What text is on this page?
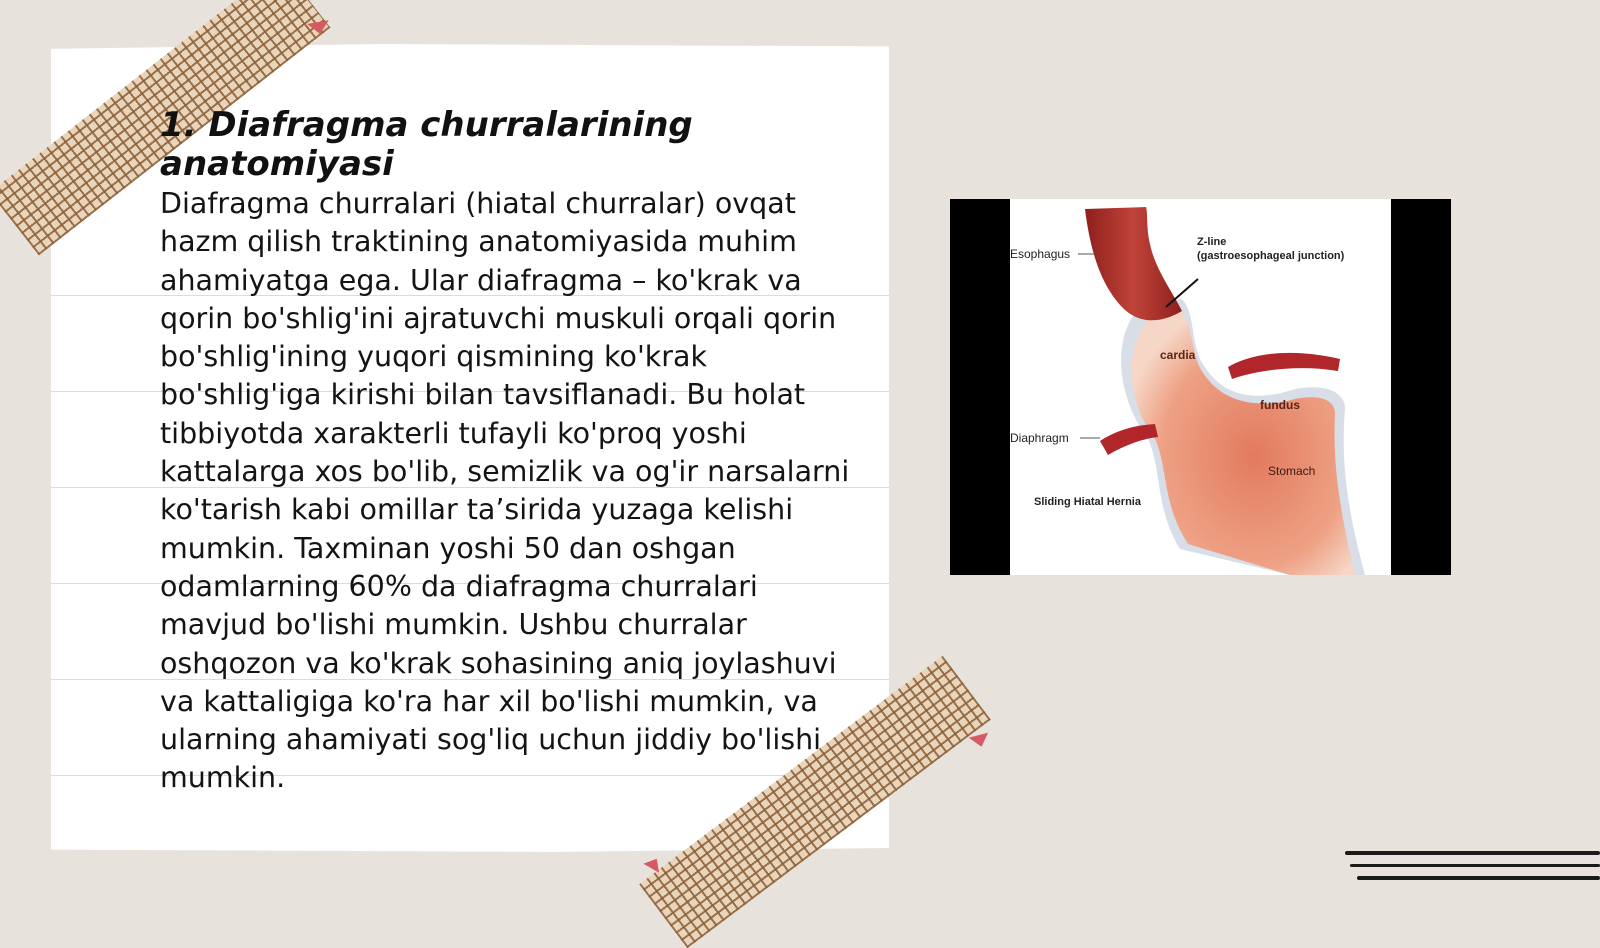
1. Diafragma churralarining anatomiyasi

Diafragma churralari (hiatal churralar) ovqat hazm qilish traktining anatomiyasida muhim ahamiyatga ega. Ular diafragma – ko'krak va qorin bo'shlig'ini ajratuvchi muskuli orqali qorin bo'shlig'ining yuqori qismining ko'krak bo'shlig'iga kirishi bilan tavsiflanadi. Bu holat tibbiyotda xarakterli tufayli ko'proq yoshi kattalarga xos bo'lib, semizlik va og'ir narsalarni ko'tarish kabi omillar ta’sirida yuzaga kelishi mumkin. Taxminan yoshi 50 dan oshgan odamlarning 60% da diafragma churralari mavjud bo'lishi mumkin. Ushbu churralar oshqozon va ko'krak sohasining aniq joylashuvi va kattaligiga ko'ra har xil bo'lishi mumkin, va ularning ahamiyati sog'liq uchun jiddiy bo'lishi mumkin.

Esophagus
Z-line
(gastroesophageal junction)
cardia
fundus
Diaphragm
Stomach
Sliding Hiatal Hernia
